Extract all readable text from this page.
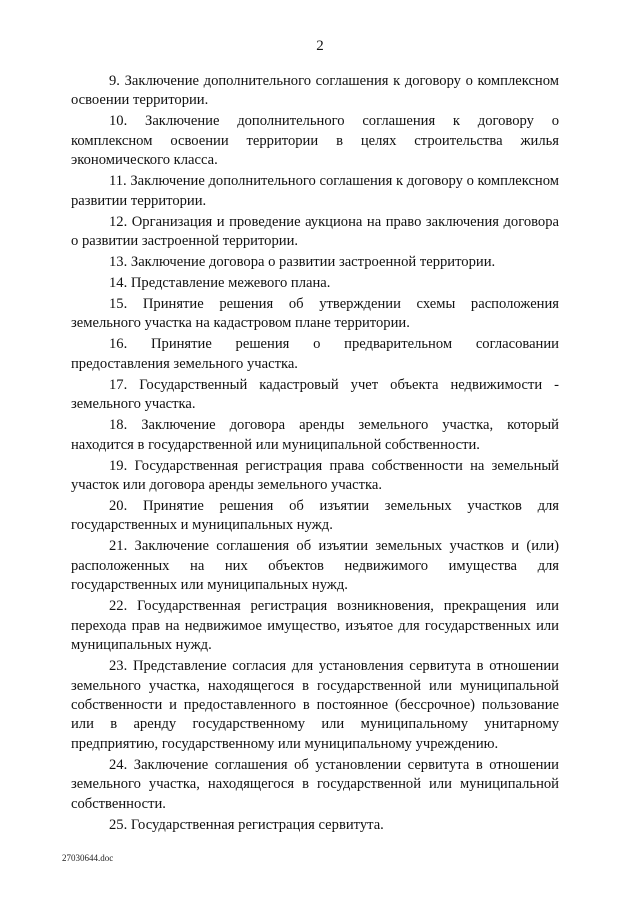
2

9. Заключение дополнительного соглашения к договору о комплексном освоении территории.

10. Заключение дополнительного соглашения к договору о комплексном освоении территории в целях строительства жилья экономического класса.

11. Заключение дополнительного соглашения к договору о комплексном развитии территории.

12. Организация и проведение аукциона на право заключения договора о развитии застроенной территории.

13. Заключение договора о развитии застроенной территории.

14. Представление межевого плана.

15. Принятие решения об утверждении схемы расположения земельного участка на кадастровом плане территории.

16. Принятие решения о предварительном согласовании предоставления земельного участка.

17. Государственный кадастровый учет объекта недвижимости - земельного участка.

18. Заключение договора аренды земельного участка, который находится в государственной или муниципальной собственности.

19. Государственная регистрация права собственности на земельный участок или договора аренды земельного участка.

20. Принятие решения об изъятии земельных участков для государственных и муниципальных нужд.

21. Заключение соглашения об изъятии земельных участков и (или) расположенных на них объектов недвижимого имущества для государственных или муниципальных нужд.

22. Государственная регистрация возникновения, прекращения или перехода прав на недвижимое имущество, изъятое для государственных или муниципальных нужд.

23. Представление согласия для установления сервитута в отношении земельного участка, находящегося в государственной или муниципальной собственности и предоставленного в постоянное (бессрочное) пользование или в аренду государственному или муниципальному унитарному предприятию, государственному или муниципальному учреждению.

24. Заключение соглашения об установлении сервитута в отношении земельного участка, находящегося в государственной или муниципальной собственности.

25. Государственная регистрация сервитута.

27030644.doc
